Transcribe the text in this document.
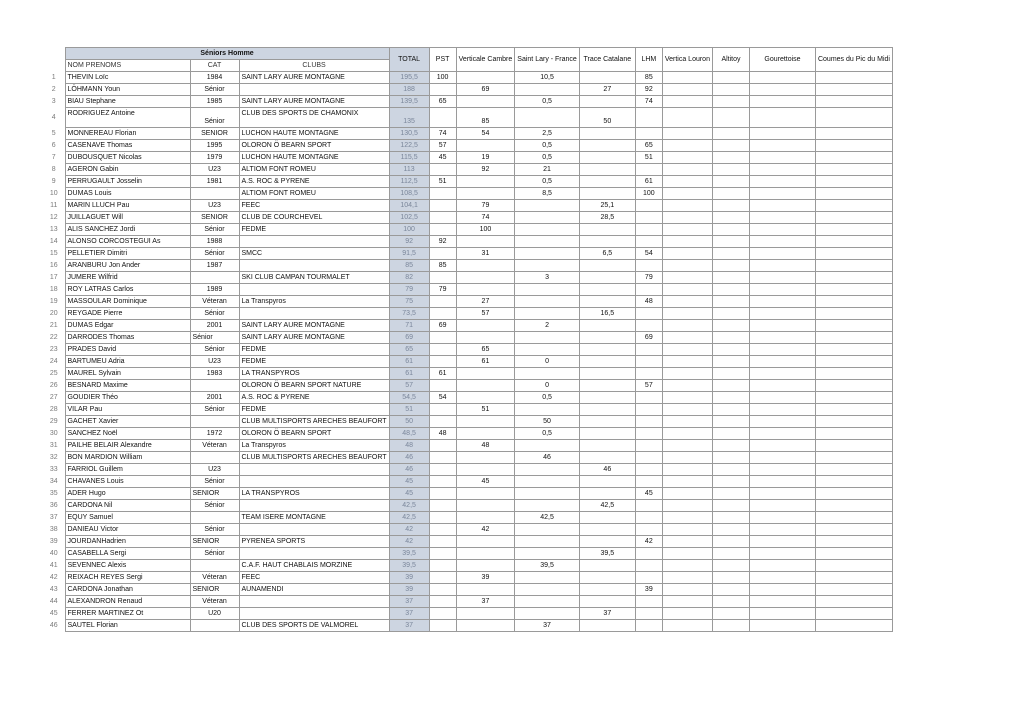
	Séniors Homme			TOTAL	PST	Verticale Cambre	Saint Lary - France	Trace Catalane	LHM	Vertica Louron	Altitoy	Gourettoise	Coumes du Pic du Midi
	NOM PRENOMS	CAT	CLUBS										
1	THEVIN Loïc	1984	SAINT LARY AURE MONTAGNE	195,5	100		10,5		85				
2	LÖHMANN Youn	Sénior		188		69		27	92				
3	BIAU Stephane	1985	SAINT LARY AURE MONTAGNE	139,5	65		0,5		74				
4	RODRIGUEZ Antoine	Sénior	CLUB DES SPORTS DE CHAMONIX	135		85		50					
5	MONNEREAU Florian	SENIOR	LUCHON HAUTE MONTAGNE	130,5	74	54	2,5						
6	CASENAVE Thomas	1995	OLORON Ö BEARN SPORT	122,5	57		0,5		65				
7	DUBOUSQUET Nicolas	1979	LUCHON HAUTE MONTAGNE	115,5	45	19	0,5		51				
8	AGERON Gabin	U23	ALTIOM FONT ROMEU	113		92	21						
9	PERRUGAULT Josselin	1981	A.S. ROC & PYRENE	112,5	51		0,5		61				
10	DUMAS Louis		ALTIOM FONT ROMEU	108,5			8,5		100				
11	MARIN LLUCH Pau	U23	FEEC	104,1		79		25,1					
12	JUILLAGUET Will	SENIOR	CLUB DE COURCHEVEL	102,5		74		28,5					
13	ALIS SANCHEZ Jordi	Sénior	FEDME	100		100							
14	ALONSO CORCOSTEGUI As	1988		92	92								
15	PELLETIER Dimitri	Sénior	SMCC	91,5		31		6,5	54				
16	ARANBURU Jon Ander	1987		85	85								
17	JUMERE Wilfrid		SKI CLUB CAMPAN TOURMALET	82			3		79				
18	ROY LATRAS Carlos	1989		79	79								
19	MASSOULAR Dominique	Véteran	La Transpyros	75		27			48				
20	REYGADE Pierre	Sénior		73,5		57		16,5					
21	DUMAS Edgar	2001	SAINT LARY AURE MONTAGNE	71	69		2						
22	DARRODES Thomas	Sénior	SAINT LARY AURE MONTAGNE	69					69				
23	PRADES David	Sénior	FEDME	65		65							
24	BARTUMEU Adria	U23	FEDME	61		61	0						
25	MAUREL Sylvain	1983	LA TRANSPYROS	61	61								
26	BESNARD Maxime		OLORON Ö BEARN SPORT NATURE	57			0		57				
27	GOUDIER Théo	2001	A.S. ROC & PYRENE	54,5	54		0,5						
28	VILAR Pau	Sénior	FEDME	51		51							
29	GACHET Xavier		CLUB MULTISPORTS ARECHES BEAUFORT	50			50						
30	SANCHEZ Noël	1972	OLORON Ö BEARN SPORT	48,5	48		0,5						
31	PAILHE BELAIR Alexandre	Véteran	La Transpyros	48		48							
32	BON MARDION William		CLUB MULTISPORTS ARECHES BEAUFORT	46			46						
33	FARRIOL Guillem	U23		46				46					
34	CHAVANES Louis	Sénior		45		45							
35	ADER Hugo	SENIOR	LA TRANSPYROS	45					45				
36	CARDONA Nil	Sénior		42,5				42,5					
37	EQUY Samuel		TEAM ISERE MONTAGNE	42,5			42,5						
38	DANIEAU Victor	Sénior		42		42							
39	JOURDANHadrien	SENIOR	PYRENEA SPORTS	42					42				
40	CASABELLA Sergi	Sénior		39,5				39,5					
41	SEVENNEC Alexis		C.A.F. HAUT CHABLAIS MORZINE	39,5			39,5						
42	REIXACH REYES Sergi	Véteran	FEEC	39		39							
43	CARDONA Jonathan	SENIOR	AUNAMENDI	39					39				
44	ALEXANDRON Renaud	Véteran		37		37							
45	FERRER MARTINEZ Ot	U20		37				37					
46	SAUTEL Florian		CLUB DES SPORTS DE VALMOREL	37			37						
